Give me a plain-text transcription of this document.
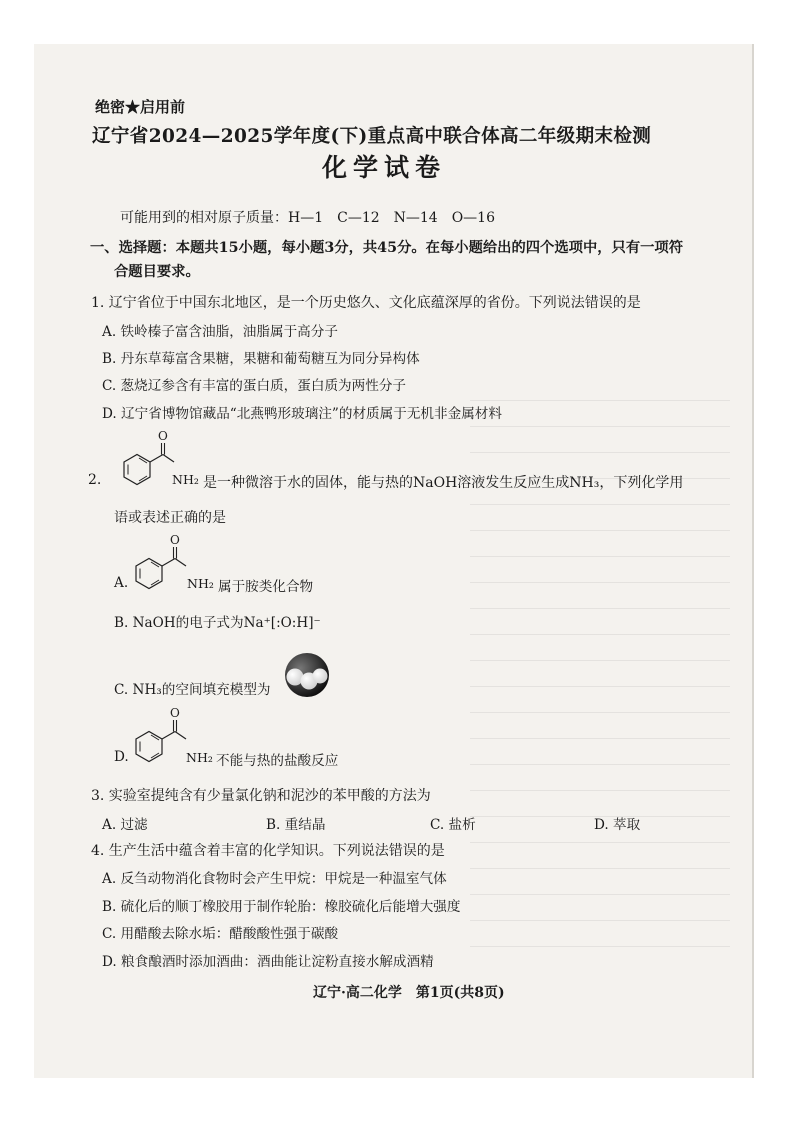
绝密★启用前
辽宁省2024—2025学年度(下)重点高中联合体高二年级期末检测
化学试卷
可能用到的相对原子质量：H—1　C—12　N—14　O—16
一、选择题：本题共15小题，每小题3分，共45分。在每小题给出的四个选项中，只有一项符
合题目要求。
1. 辽宁省位于中国东北地区，是一个历史悠久、文化底蕴深厚的省份。下列说法错误的是
A. 铁岭榛子富含油脂，油脂属于高分子
B. 丹东草莓富含果糖，果糖和葡萄糖互为同分异构体
C. 葱烧辽参含有丰富的蛋白质，蛋白质为两性分子
D. 辽宁省博物馆藏品“北燕鸭形玻璃注”的材质属于无机非金属材料
2.
O
NH₂ 是一种微溶于水的固体，能与热的NaOH溶液发生反应生成NH₃，下列化学用
语或表述正确的是
A.
O
NH₂ 属于胺类化合物
B. NaOH的电子式为Na⁺[:O:H]⁻
C. NH₃的空间填充模型为
D.
O
NH₂ 不能与热的盐酸反应
3. 实验室提纯含有少量氯化钠和泥沙的苯甲酸的方法为
A. 过滤	B. 重结晶	C. 盐析	D. 萃取
4. 生产生活中蕴含着丰富的化学知识。下列说法错误的是
A. 反刍动物消化食物时会产生甲烷：甲烷是一种温室气体
B. 硫化后的顺丁橡胶用于制作轮胎：橡胶硫化后能增大强度
C. 用醋酸去除水垢：醋酸酸性强于碳酸
D. 粮食酿酒时添加酒曲：酒曲能让淀粉直接水解成酒精
辽宁·高二化学　第1页(共8页)
